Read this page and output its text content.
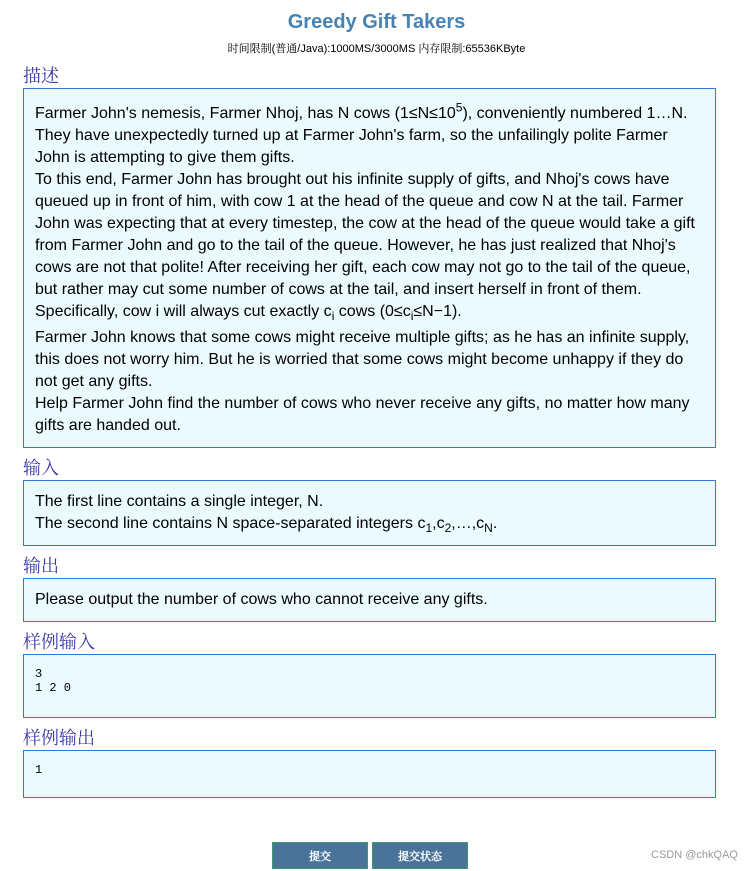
Greedy Gift Takers
时间限制(普通/Java):1000MS/3000MS 内存限制:65536KByte
描述

Farmer John's nemesis, Farmer Nhoj, has N cows $(1\le N\le 10^5)$, conveniently numbered 1…N. They have unexpectedly turned up at Farmer John's farm, so the unfailingly polite Farmer John is attempting to give them gifts.

To this end, Farmer John has brought out his infinite supply of gifts, and Nhoj's cows have queued up in front of him, with cow 1 at the head of the queue and cow N at the tail. Farmer John was expecting that at every timestep, the cow at the head of the queue would take a gift from Farmer John and go to the tail of the queue. However, he has just realized that Nhoj's cows are not that polite! After receiving her gift, each cow may not go to the tail of the queue, but rather may cut some number of cows at the tail, and insert herself in front of them. Specifically, cow i will always cut exactly $c_i$ cows $(0\le c_i\le N-1)$.

Farmer John knows that some cows might receive multiple gifts; as he has an infinite supply, this does not worry him. But he is worried that some cows might become unhappy if they do not get any gifts.

Help Farmer John find the number of cows who never receive any gifts, no matter how many gifts are handed out.

输入

The first line contains a single integer, N.

The second line contains N space-separated integers $c_1,c_2,\dots,c_N$.

输出

Please output the number of cows who cannot receive any gifts.

样例输入
3
1 2 0
样例输出
1
提交	提交状态	CSDN @chkQAQ
